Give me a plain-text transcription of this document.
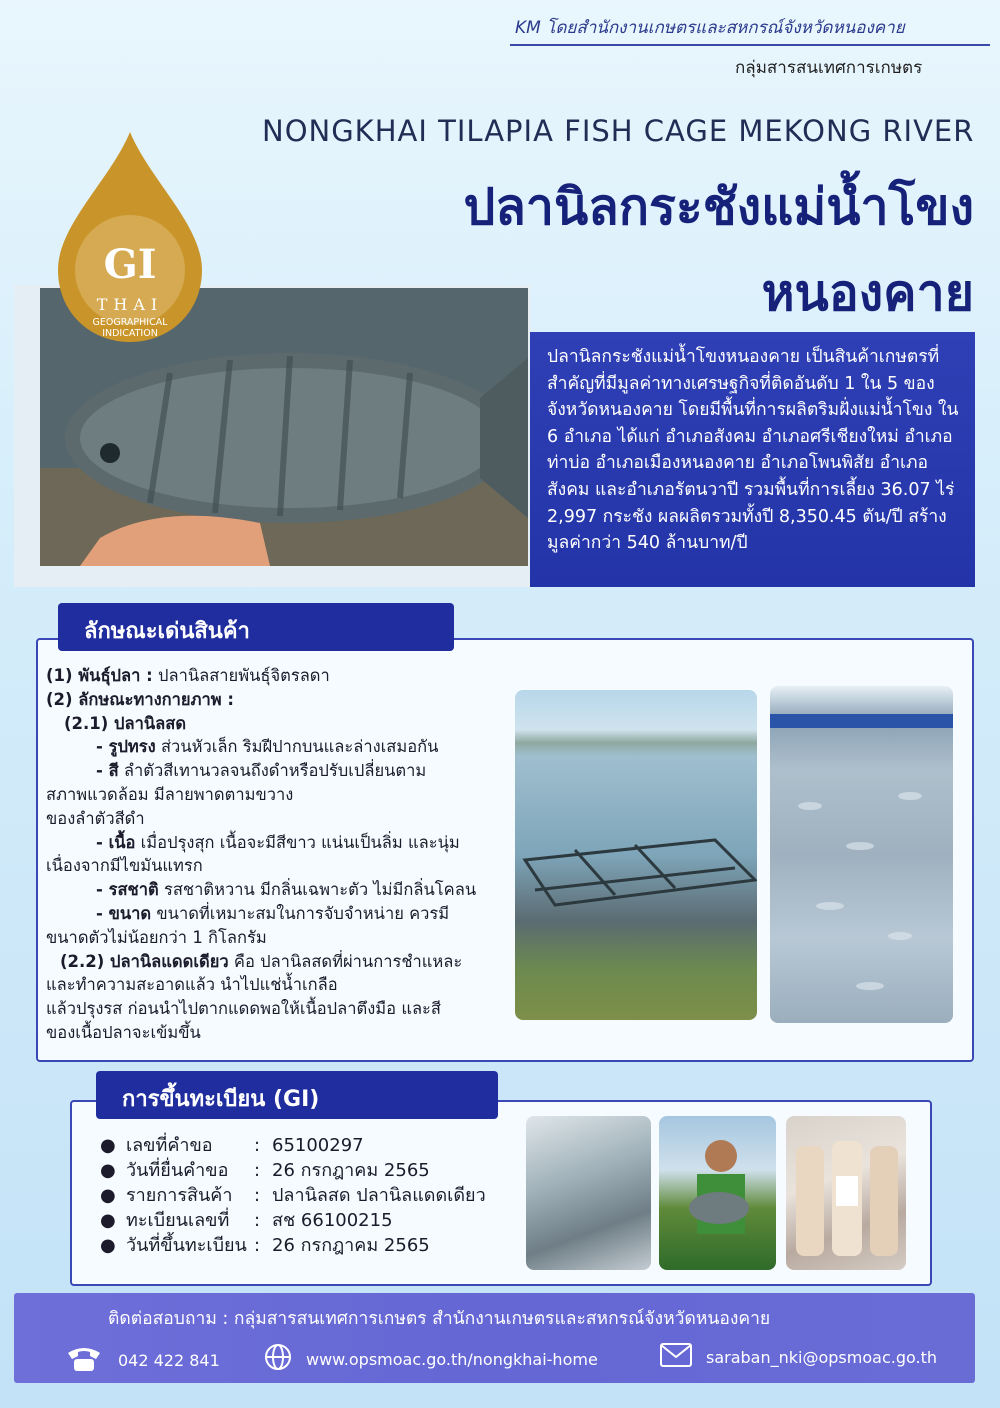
KM โดยสำนักงานเกษตรและสหกรณ์จังหวัดหนองคาย
กลุ่มสารสนเทศการเกษตร
NONGKHAI TILAPIA FISH CAGE MEKONG RIVER
ปลานิลกระชังแม่น้ำโขง
หนองคาย
GI
THAI
GEOGRAPHICAL
INDICATION
ปลานิลกระชังแม่น้ำโขงหนองคาย เป็นสินค้าเกษตรที่สำคัญที่มีมูลค่าทางเศรษฐกิจที่ติดอันดับ 1 ใน 5 ของจังหวัดหนองคาย โดยมีพื้นที่การผลิตริมฝั่งแม่น้ำโขง ใน 6 อำเภอ ได้แก่ อำเภอสังคม อำเภอศรีเชียงใหม่ อำเภอท่าบ่อ อำเภอเมืองหนองคาย อำเภอโพนพิสัย อำเภอสังคม และอำเภอรัตนวาปี รวมพื้นที่การเลี้ยง 36.07 ไร่ 2,997 กระชัง ผลผลิตรวมทั้งปี 8,350.45 ตัน/ปี สร้างมูลค่ากว่า 540 ล้านบาท/ปี
ลักษณะเด่นสินค้า
(1) พันธุ์ปลา : ปลานิลสายพันธุ์จิตรลดา
(2) ลักษณะทางกายภาพ :
(2.1) ปลานิลสด
- รูปทรง ส่วนหัวเล็ก ริมฝีปากบนและล่างเสมอกัน
- สี ลำตัวสีเทานวลจนถึงดำหรือปรับเปลี่ยนตาม
สภาพแวดล้อม มีลายพาดตามขวาง
ของลำตัวสีดำ
- เนื้อ เมื่อปรุงสุก เนื้อจะมีสีขาว แน่นเป็นลิ่ม และนุ่ม
เนื่องจากมีไขมันแทรก
- รสชาติ รสชาติหวาน มีกลิ่นเฉพาะตัว ไม่มีกลิ่นโคลน
- ขนาด ขนาดที่เหมาะสมในการจับจำหน่าย ควรมี
ขนาดตัวไม่น้อยกว่า 1 กิโลกรัม
(2.2) ปลานิลแดดเดียว คือ ปลานิลสดที่ผ่านการชำแหละ
และทำความสะอาดแล้ว นำไปแช่น้ำเกลือ
แล้วปรุงรส ก่อนนำไปตากแดดพอให้เนื้อปลาตึงมือ และสี
ของเนื้อปลาจะเข้มขึ้น
การขึ้นทะเบียน (GI)
● เลขที่คำขอ	: 65100297
● วันที่ยื่นคำขอ	: 26 กรกฎาคม 2565
● รายการสินค้า	: ปลานิลสด ปลานิลแดดเดียว
● ทะเบียนเลขที่	: สช 66100215
● วันที่ขึ้นทะเบียน : 26 กรกฎาคม 2565
ติดต่อสอบถาม : กลุ่มสารสนเทศการเกษตร สำนักงานเกษตรและสหกรณ์จังหวัดหนองคาย
042 422 841	www.opsmoac.go.th/nongkhai-home	saraban_nki@opsmoac.go.th
